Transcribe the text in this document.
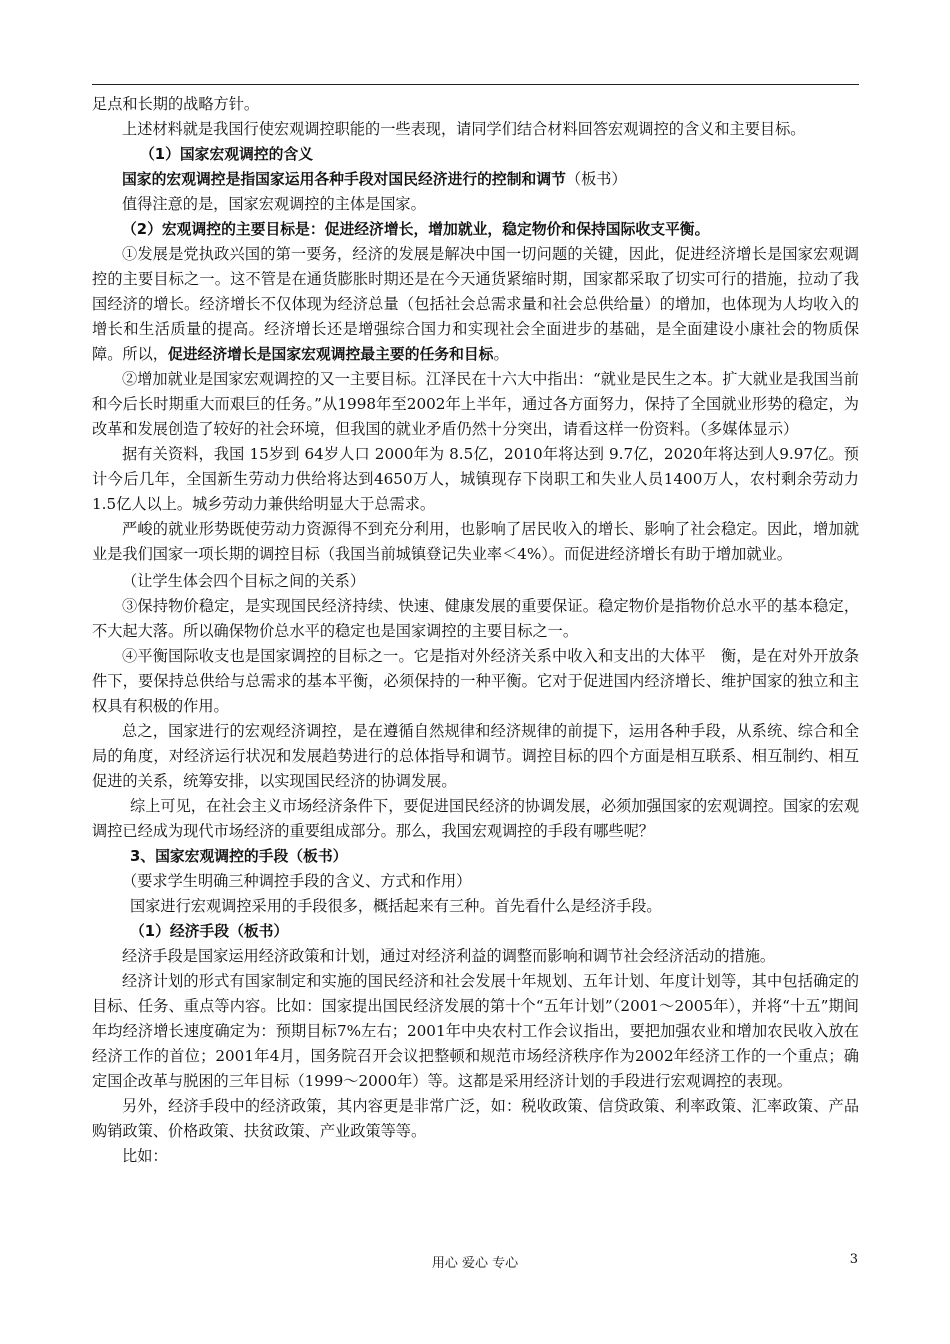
足点和长期的战略方针。

上述材料就是我国行使宏观调控职能的一些表现，请同学们结合材料回答宏观调控的含义和主要目标。

（1）国家宏观调控的含义

国家的宏观调控是指国家运用各种手段对国民经济进行的控制和调节（板书）

值得注意的是，国家宏观调控的主体是国家。

（2）宏观调控的主要目标是：促进经济增长，增加就业，稳定物价和保持国际收支平衡。

①发展是党执政兴国的第一要务，经济的发展是解决中国一切问题的关键，因此，促进经济增长是国家宏观调控的主要目标之一。这不管是在通货膨胀时期还是在今天通货紧缩时期，国家都采取了切实可行的措施，拉动了我国经济的增长。经济增长不仅体现为经济总量（包括社会总需求量和社会总供给量）的增加，也体现为人均收入的增长和生活质量的提高。经济增长还是增强综合国力和实现社会全面进步的基础，是全面建设小康社会的物质保障。所以，促进经济增长是国家宏观调控最主要的任务和目标。

②增加就业是国家宏观调控的又一主要目标。江泽民在十六大中指出：“就业是民生之本。扩大就业是我国当前和今后长时期重大而艰巨的任务。”从1998年至2002年上半年，通过各方面努力，保持了全国就业形势的稳定，为改革和发展创造了较好的社会环境，但我国的就业矛盾仍然十分突出，请看这样一份资料。（多媒体显示）

据有关资料，我国 15岁到 64岁人口 2000年为 8.5亿，2010年将达到 9.7亿，2020年将达到人9.97亿。预计今后几年，全国新生劳动力供给将达到4650万人，城镇现存下岗职工和失业人员1400万人，农村剩余劳动力1.5亿人以上。城乡劳动力兼供给明显大于总需求。

严峻的就业形势既使劳动力资源得不到充分利用，也影响了居民收入的增长、影响了社会稳定。因此，增加就业是我们国家一项长期的调控目标（我国当前城镇登记失业率＜4%）。而促进经济增长有助于增加就业。

（让学生体会四个目标之间的关系）

③保持物价稳定，是实现国民经济持续、快速、健康发展的重要保证。稳定物价是指物价总水平的基本稳定，不大起大落。所以确保物价总水平的稳定也是国家调控的主要目标之一。

④平衡国际收支也是国家调控的目标之一。它是指对外经济关系中收入和支出的大体平　衡，是在对外开放条件下，要保持总供给与总需求的基本平衡，必须保持的一种平衡。它对于促进国内经济增长、维护国家的独立和主权具有积极的作用。

总之，国家进行的宏观经济调控，是在遵循自然规律和经济规律的前提下，运用各种手段，从系统、综合和全局的角度，对经济运行状况和发展趋势进行的总体指导和调节。调控目标的四个方面是相互联系、相互制约、相互促进的关系，统筹安排，以实现国民经济的协调发展。

综上可见，在社会主义市场经济条件下，要促进国民经济的协调发展，必须加强国家的宏观调控。国家的宏观调控已经成为现代市场经济的重要组成部分。那么，我国宏观调控的手段有哪些呢？

3、国家宏观调控的手段（板书）

（要求学生明确三种调控手段的含义、方式和作用）

国家进行宏观调控采用的手段很多，概括起来有三种。首先看什么是经济手段。

（1）经济手段（板书）

经济手段是国家运用经济政策和计划，通过对经济利益的调整而影响和调节社会经济活动的措施。

经济计划的形式有国家制定和实施的国民经济和社会发展十年规划、五年计划、年度计划等，其中包括确定的目标、任务、重点等内容。比如：国家提出国民经济发展的第十个“五年计划”（2001～2005年），并将“十五”期间年均经济增长速度确定为：预期目标7%左右；2001年中央农村工作会议指出，要把加强农业和增加农民收入放在经济工作的首位；2001年4月，国务院召开会议把整顿和规范市场经济秩序作为2002年经济工作的一个重点；确定国企改革与脱困的三年目标（1999～2000年）等。这都是采用经济计划的手段进行宏观调控的表现。

另外，经济手段中的经济政策，其内容更是非常广泛，如：税收政策、信贷政策、利率政策、汇率政策、产品购销政策、价格政策、扶贫政策、产业政策等等。

比如：

用心 爱心 专心	3
